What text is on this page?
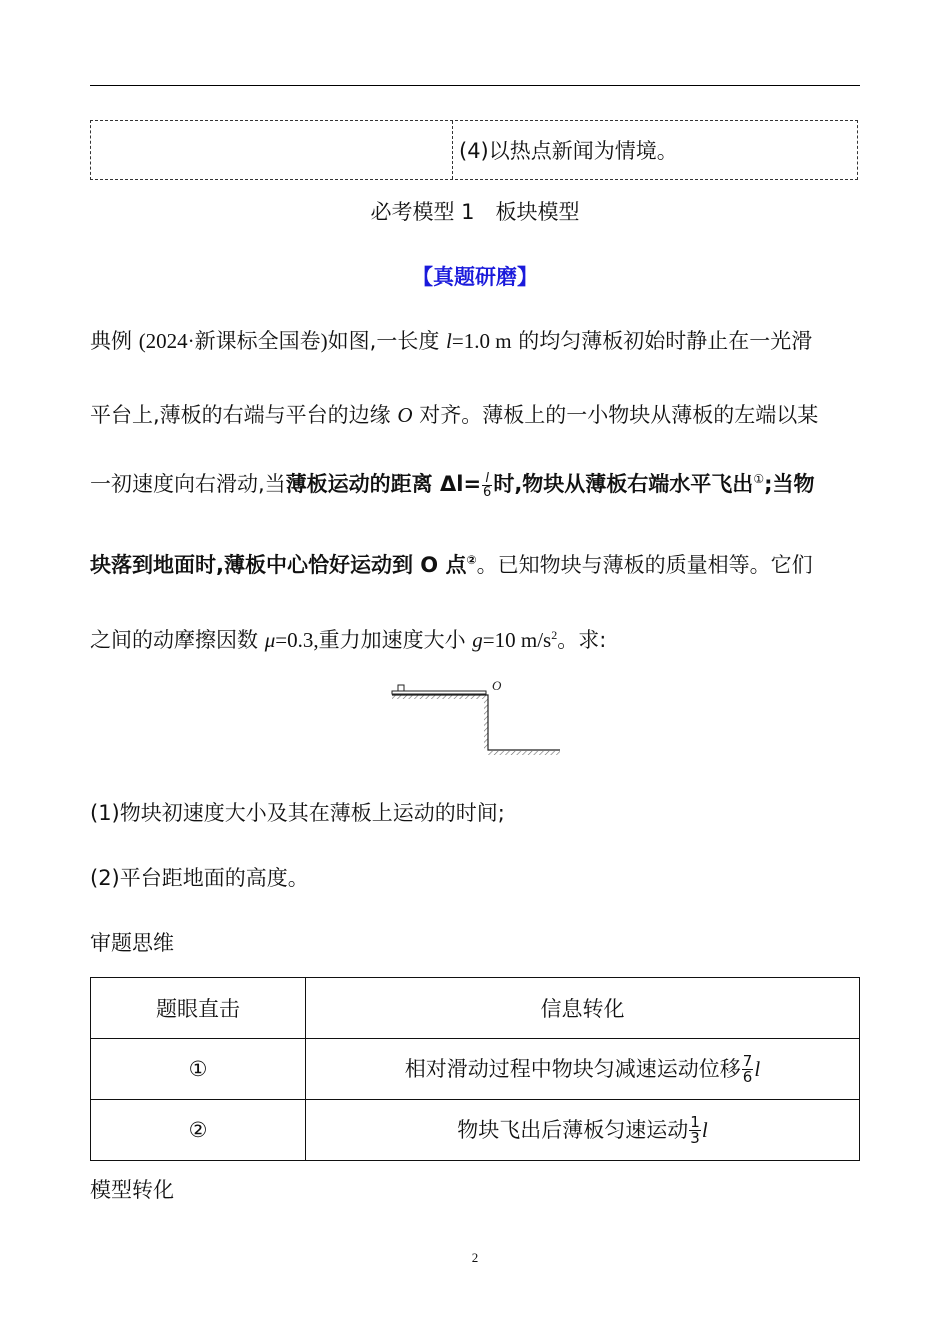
(4)以热点新闻为情境。
必考模型 1　板块模型
【真题研磨】
典例 (2024·新课标全国卷)如图,一长度 l=1.0 m 的均匀薄板初始时静止在一光滑
平台上,薄板的右端与平台的边缘 O 对齐。薄板上的一小物块从薄板的左端以某
一初速度向右滑动,当薄板运动的距离 $\Delta l= \frac{l}{6}$ 时,物块从薄板右端水平飞出①;当物
块落到地面时,薄板中心恰好运动到 O 点②。已知物块与薄板的质量相等。它们
之间的动摩擦因数 μ=0.3,重力加速度大小 g=10 $m/s^2$。求:
O
(1)物块初速度大小及其在薄板上运动的时间;
(2)平台距地面的高度。
审题思维
题眼直击	信息转化
①	相对滑动过程中物块匀减速运动位移 $\frac{7}{6}$ l
②	物块飞出后薄板匀速运动 $\frac{1}{3}$ l
模型转化
2
